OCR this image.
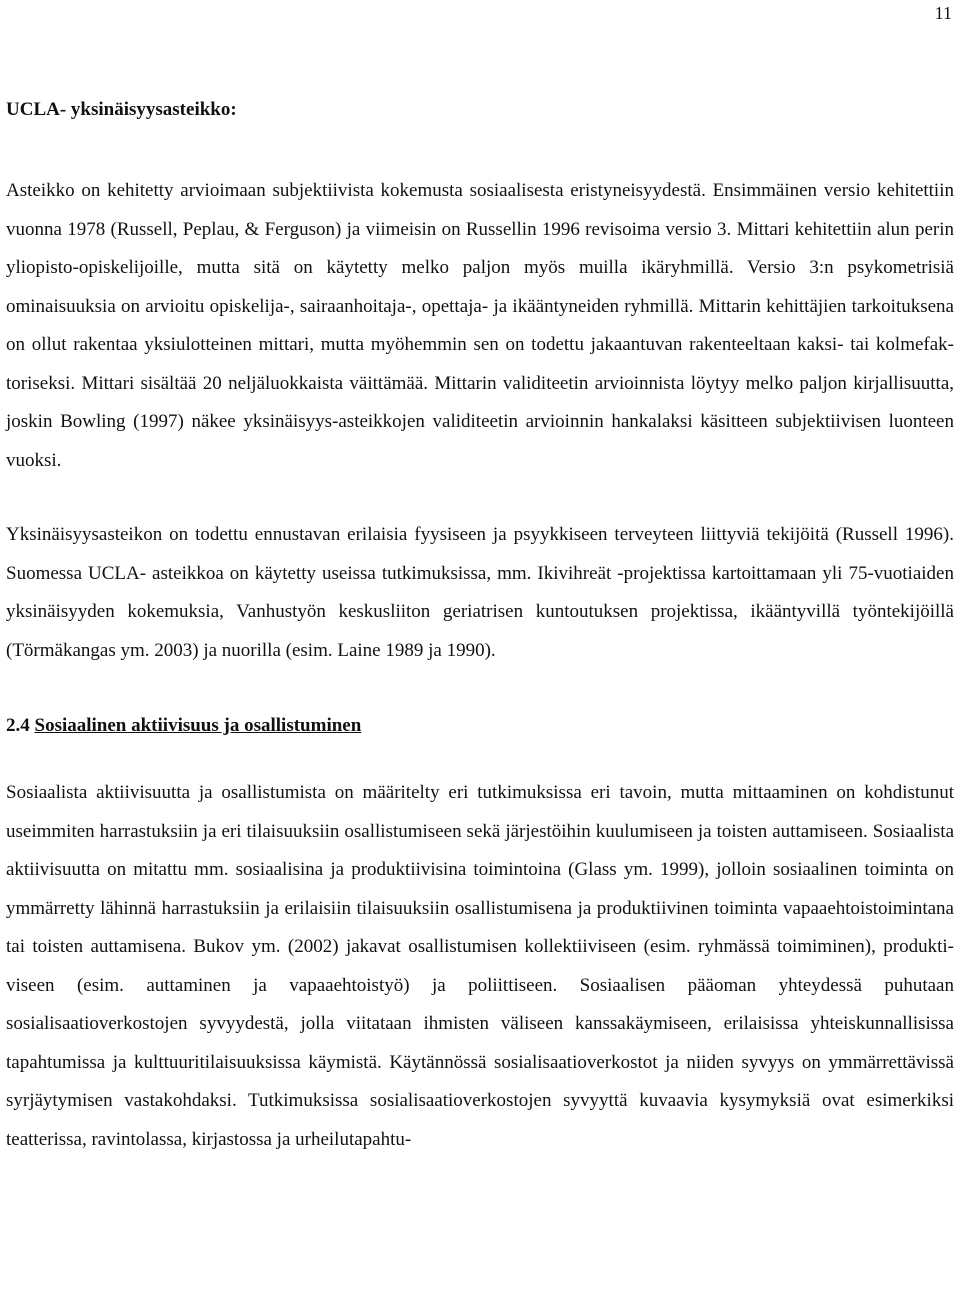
11
UCLA- yksinäisyysasteikko:

Asteikko on kehitetty arvioimaan subjektiivista kokemusta sosiaalisesta eristyneisyydestä. Ensimmäinen versio kehitettiin vuonna 1978 (Russell, Peplau, & Ferguson) ja viimeisin on Russellin 1996 revisoima versio 3. Mittari kehitettiin alun perin yliopisto-opiskelijoille, mutta sitä on käytetty melko paljon myös muilla ikäryhmillä. Versio 3:n psykometrisiä ominaisuuksia on arvioitu opiskelija-, sairaanhoitaja-, opettaja- ja ikääntyneiden ryhmillä. Mittarin kehittäjien tarkoituksena on ollut rakentaa yksiulotteinen mittari, mutta myöhemmin sen on todettu jakaantuvan rakenteeltaan kaksi- tai kolmefaktoriseksi. Mittari sisältää 20 neljäluokkaista väittämää. Mittarin validiteetin arvioinnista löytyy melko paljon kirjallisuutta, joskin Bowling (1997) näkee yksinäisyys-asteikkojen validiteetin arvioinnin hankalaksi käsitteen subjektiivisen luonteen vuoksi.

Yksinäisyysasteikon on todettu ennustavan erilaisia fyysiseen ja psyykkiseen terveyteen liittyviä tekijöitä (Russell 1996). Suomessa UCLA- asteikkoa on käytetty useissa tutkimuksissa, mm. Ikivihreät -projektissa kartoittamaan yli 75-vuotiaiden yksinäisyyden kokemuksia, Vanhustyön keskusliiton geriatrisen kuntoutuksen projektissa, ikääntyvillä työntekijöillä (Törmäkangas ym. 2003) ja nuorilla (esim. Laine 1989 ja 1990).

2.4 Sosiaalinen aktiivisuus ja osallistuminen

Sosiaalista aktiivisuutta ja osallistumista on määritelty eri tutkimuksissa eri tavoin, mutta mittaaminen on kohdistunut useimmiten harrastuksiin ja eri tilaisuuksiin osallistumiseen sekä järjestöihin kuulumiseen ja toisten auttamiseen. Sosiaalista aktiivisuutta on mitattu mm. sosiaalisina ja produktiivisina toimintoina (Glass ym. 1999), jolloin sosiaalinen toiminta on ymmärretty lähinnä harrastuksiin ja erilaisiin tilaisuuksiin osallistumisena ja produktiivinen toiminta vapaaehtoistoimintana tai toisten auttamisena. Bukov ym. (2002) jakavat osallistumisen kollektiiviseen (esim. ryhmässä toimiminen), produktiviseen (esim. auttaminen ja vapaaehtoistyö) ja poliittiseen. Sosiaalisen pääoman yhteydessä puhutaan sosialisaatioverkostojen syvyydestä, jolla viitataan ihmisten väliseen kanssakäymiseen, erilaisissa yhteiskunnallisissa tapahtumissa ja kulttuuritilaisuuksissa käymistä. Käytännössä sosialisaatioverkostot ja niiden syvyys on ymmärrettävissä syrjäytymisen vastakohdaksi. Tutkimuksissa sosialisaatioverkostojen syvyyttä kuvaavia kysymyksiä ovat esimerkiksi teatterissa, ravintolassa, kirjastossa ja urheilutapahtu-
